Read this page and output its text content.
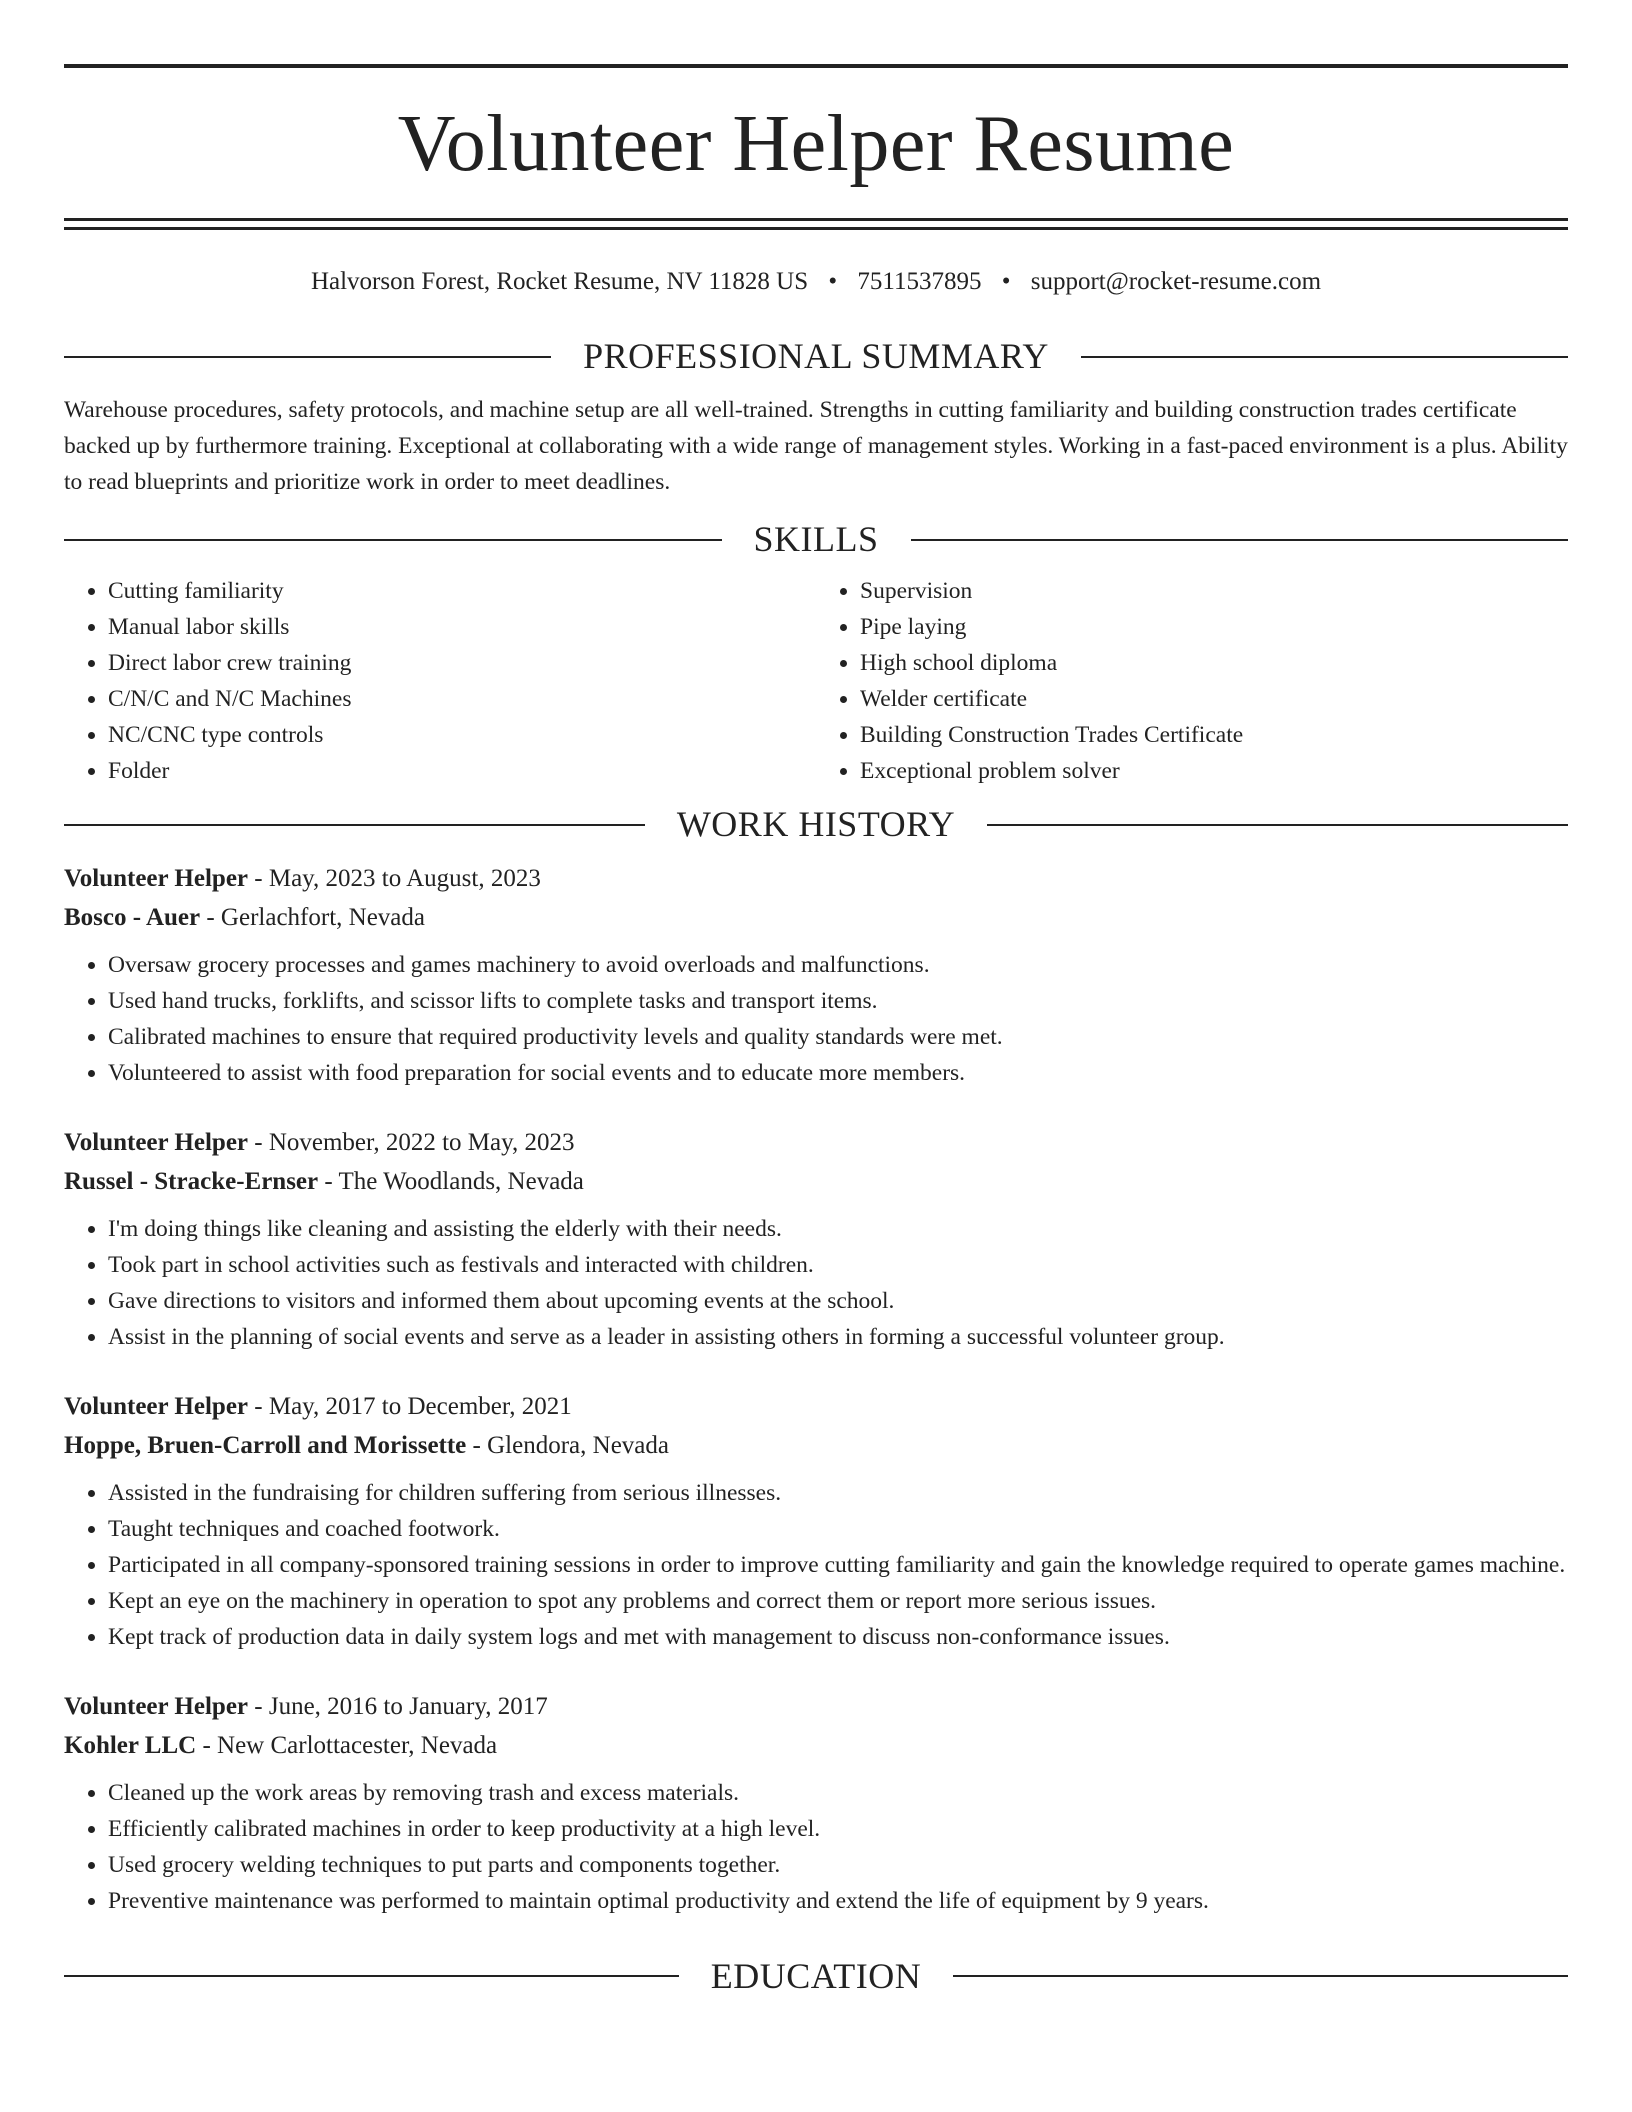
Volunteer Helper Resume
Halvorson Forest, Rocket Resume, NV 11828 US • 7511537895 • support@rocket-resume.com
PROFESSIONAL SUMMARY

Warehouse procedures, safety protocols, and machine setup are all well-trained. Strengths in cutting familiarity and building construction trades certificate backed up by furthermore training. Exceptional at collaborating with a wide range of management styles. Working in a fast-paced environment is a plus. Ability to read blueprints and prioritize work in order to meet deadlines.

SKILLS
• Cutting familiarity
• Manual labor skills
• Direct labor crew training
• C/N/C and N/C Machines
• NC/CNC type controls
• Folder
• Supervision
• Pipe laying
• High school diploma
• Welder certificate
• Building Construction Trades Certificate
• Exceptional problem solver
WORK HISTORY
Volunteer Helper - May, 2023 to August, 2023
Bosco - Auer - Gerlachfort, Nevada
• Oversaw grocery processes and games machinery to avoid overloads and malfunctions.
• Used hand trucks, forklifts, and scissor lifts to complete tasks and transport items.
• Calibrated machines to ensure that required productivity levels and quality standards were met.
• Volunteered to assist with food preparation for social events and to educate more members.
Volunteer Helper - November, 2022 to May, 2023
Russel - Stracke-Ernser - The Woodlands, Nevada
• I'm doing things like cleaning and assisting the elderly with their needs.
• Took part in school activities such as festivals and interacted with children.
• Gave directions to visitors and informed them about upcoming events at the school.
• Assist in the planning of social events and serve as a leader in assisting others in forming a successful volunteer group.
Volunteer Helper - May, 2017 to December, 2021
Hoppe, Bruen-Carroll and Morissette - Glendora, Nevada
• Assisted in the fundraising for children suffering from serious illnesses.
• Taught techniques and coached footwork.
• Participated in all company-sponsored training sessions in order to improve cutting familiarity and gain the knowledge required to operate games machine.
• Kept an eye on the machinery in operation to spot any problems and correct them or report more serious issues.
• Kept track of production data in daily system logs and met with management to discuss non-conformance issues.
Volunteer Helper - June, 2016 to January, 2017
Kohler LLC - New Carlottacester, Nevada
• Cleaned up the work areas by removing trash and excess materials.
• Efficiently calibrated machines in order to keep productivity at a high level.
• Used grocery welding techniques to put parts and components together.
• Preventive maintenance was performed to maintain optimal productivity and extend the life of equipment by 9 years.
EDUCATION
